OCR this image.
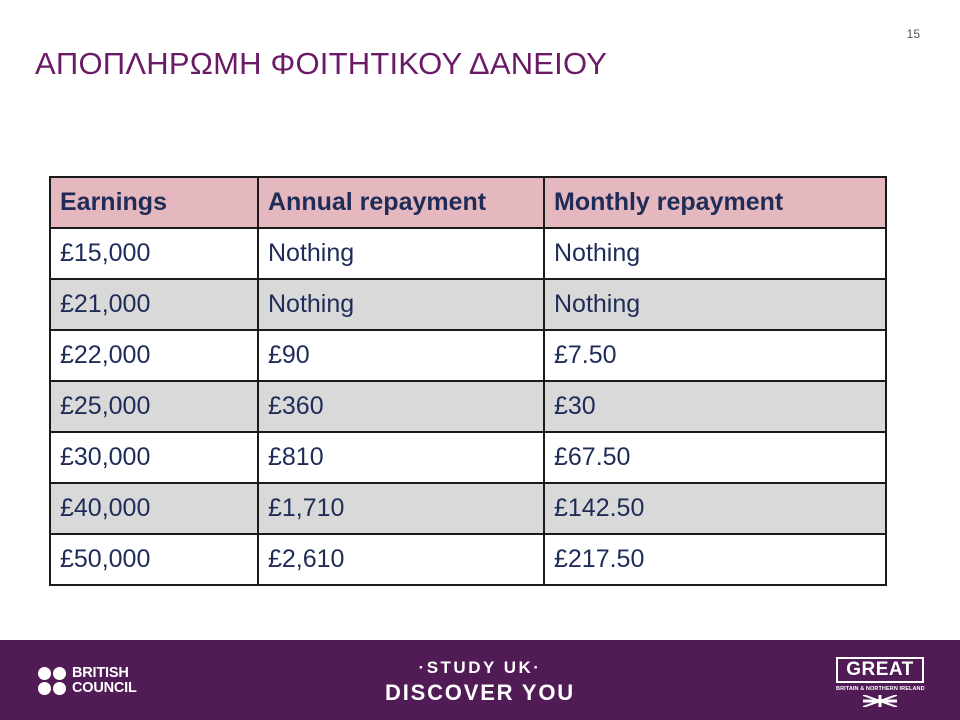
15
ΑΠΟΠΛΗΡΩΜΗ ΦΟΙΤΗΤΙΚΟΥ ΔΑΝΕΙΟΥ
Earnings	Annual repayment	Monthly repayment
£15,000	Nothing	Nothing
£21,000	Nothing	Nothing
£22,000	£90	£7.50
£25,000	£360	£30
£30,000	£810	£67.50
£40,000	£1,710	£142.50
£50,000	£2,610	£217.50
BRITISH
COUNCIL
·STUDY UK·
DISCOVER YOU
GREAT
BRITAIN & NORTHERN IRELAND
